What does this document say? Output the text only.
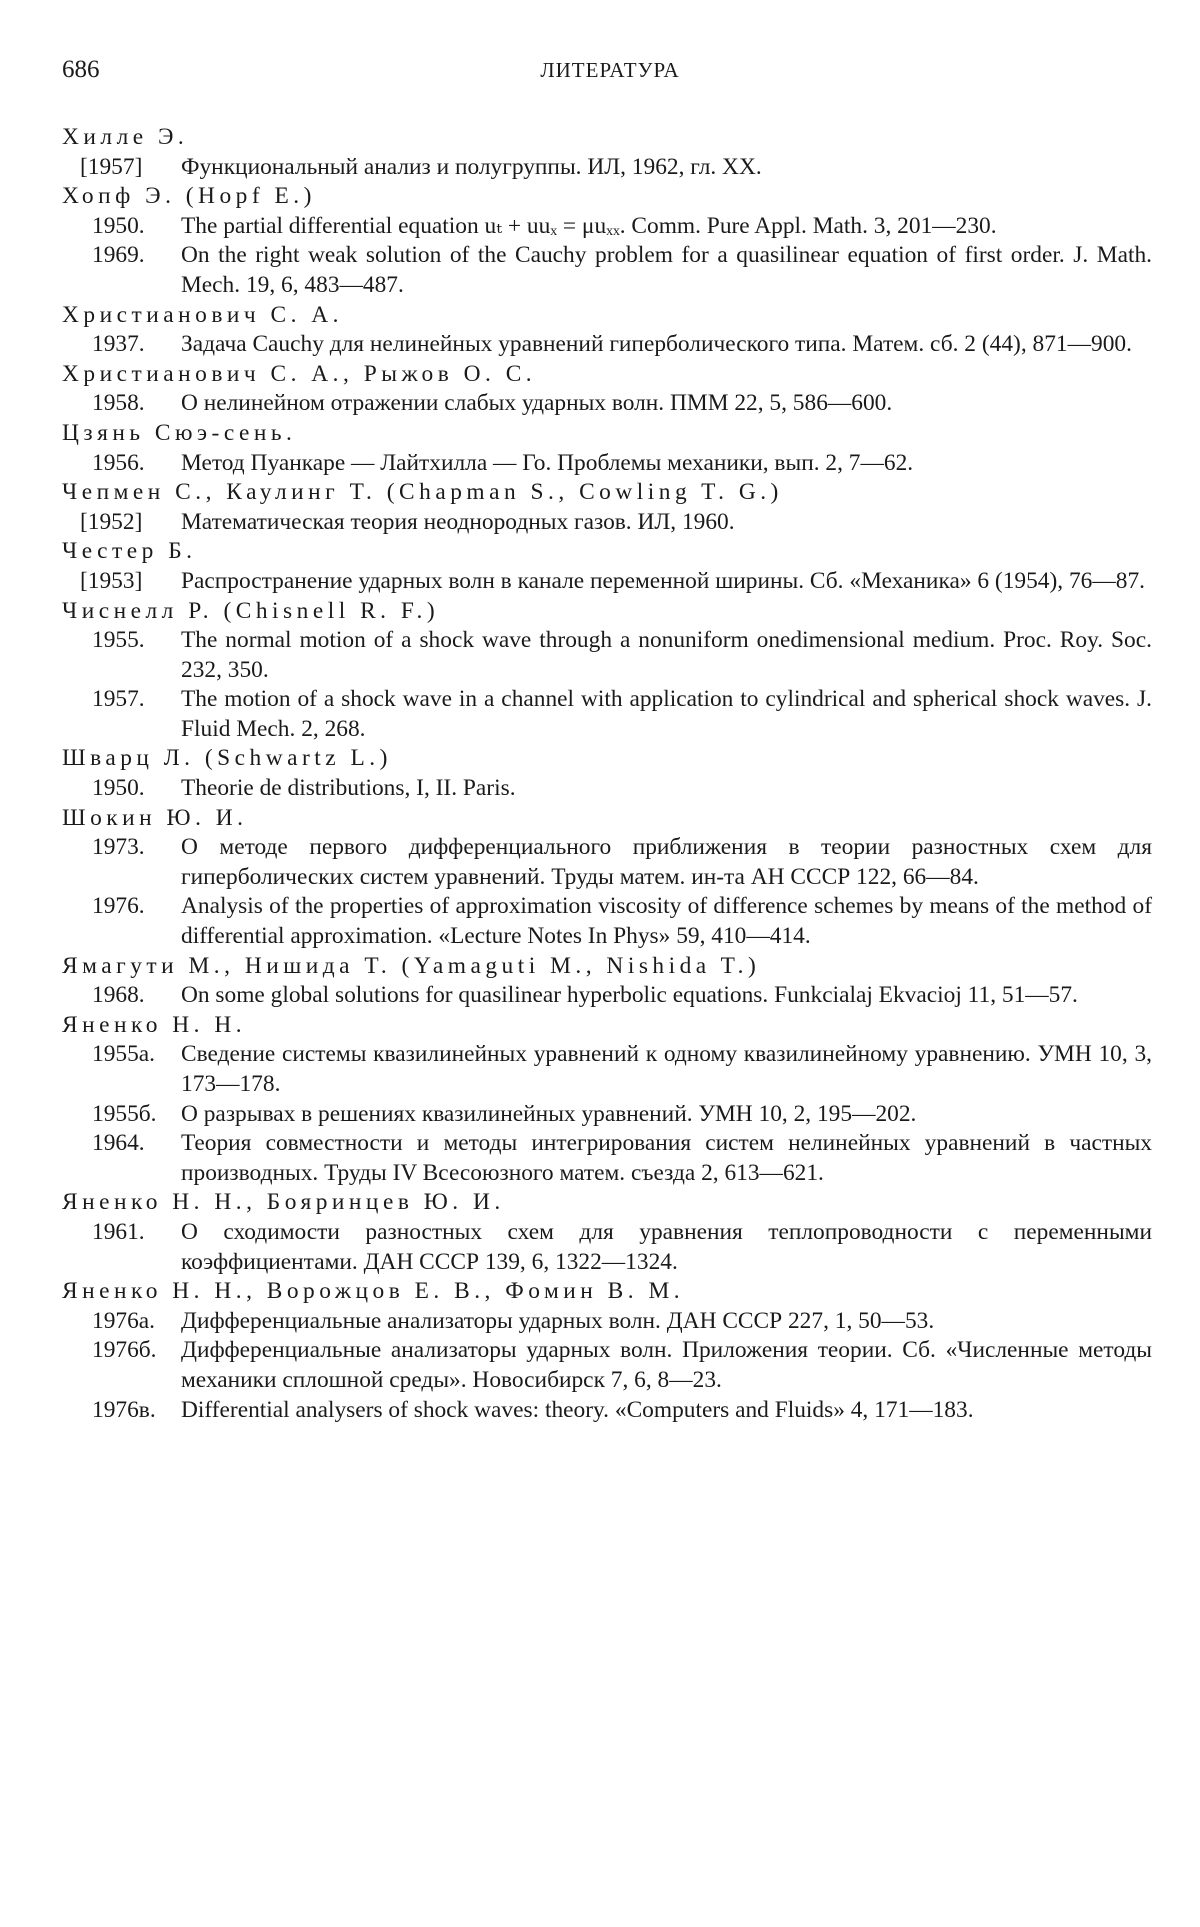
686	ЛИТЕРАТУРА
Хилле Э.
[1957]	Функциональный анализ и полугруппы. ИЛ, 1962, гл. XX.
Хопф Э. (Hopf E.)
1950.	The partial differential equation uₜ + uuₓ = μuₓₓ. Comm. Pure Appl. Math. 3, 201—230.
1969.	On the right weak solution of the Cauchy problem for a quasilinear equation of first order. J. Math. Mech. 19, 6, 483—487.
Христианович С. А.
1937.	Задача Cauchy для нелинейных уравнений гиперболического типа. Матем. сб. 2 (44), 871—900.
Христианович С. А., Рыжов О. С.
1958.	О нелинейном отражении слабых ударных волн. ПММ 22, 5, 586—600.
Цзянь Сюэ-сень.
1956.	Метод Пуанкаре — Лайтхилла — Го. Проблемы механики, вып. 2, 7—62.
Чепмен С., Каулинг Т. (Chapman S., Cowling T. G.)
[1952]	Математическая теория неоднородных газов. ИЛ, 1960.
Честер Б.
[1953]	Распространение ударных волн в канале переменной ширины. Сб. «Механика» 6 (1954), 76—87.
Чиснелл Р. (Chisnell R. F.)
1955.	The normal motion of a shock wave through a nonuniform onedimensional medium. Proc. Roy. Soc. 232, 350.
1957.	The motion of a shock wave in a channel with application to cylindrical and spherical shock waves. J. Fluid Mech. 2, 268.
Шварц Л. (Schwartz L.)
1950.	Theorie de distributions, I, II. Paris.
Шокин Ю. И.
1973.	О методе первого дифференциального приближения в теории разностных схем для гиперболических систем уравнений. Труды матем. ин-та АН СССР 122, 66—84.
1976.	Analysis of the properties of approximation viscosity of difference schemes by means of the method of differential approximation. «Lecture Notes In Phys» 59, 410—414.
Ямагути М., Нишида Т. (Yamaguti M., Nishida T.)
1968.	On some global solutions for quasilinear hyperbolic equations. Funkcialaj Ekvacioj 11, 51—57.
Яненко Н. Н.
1955а.	Сведение системы квазилинейных уравнений к одному квазилинейному уравнению. УМН 10, 3, 173—178.
1955б.	О разрывах в решениях квазилинейных уравнений. УМН 10, 2, 195—202.
1964.	Теория совместности и методы интегрирования систем нелинейных уравнений в частных производных. Труды IV Всесоюзного матем. съезда 2, 613—621.
Яненко Н. Н., Бояринцев Ю. И.
1961.	О сходимости разностных схем для уравнения теплопроводности с переменными коэффициентами. ДАН СССР 139, 6, 1322—1324.
Яненко Н. Н., Ворожцов Е. В., Фомин В. М.
1976а.	Дифференциальные анализаторы ударных волн. ДАН СССР 227, 1, 50—53.
1976б.	Дифференциальные анализаторы ударных волн. Приложения теории. Сб. «Численные методы механики сплошной среды». Новосибирск 7, 6, 8—23.
1976в.	Differential analysers of shock waves: theory. «Computers and Fluids» 4, 171—183.
